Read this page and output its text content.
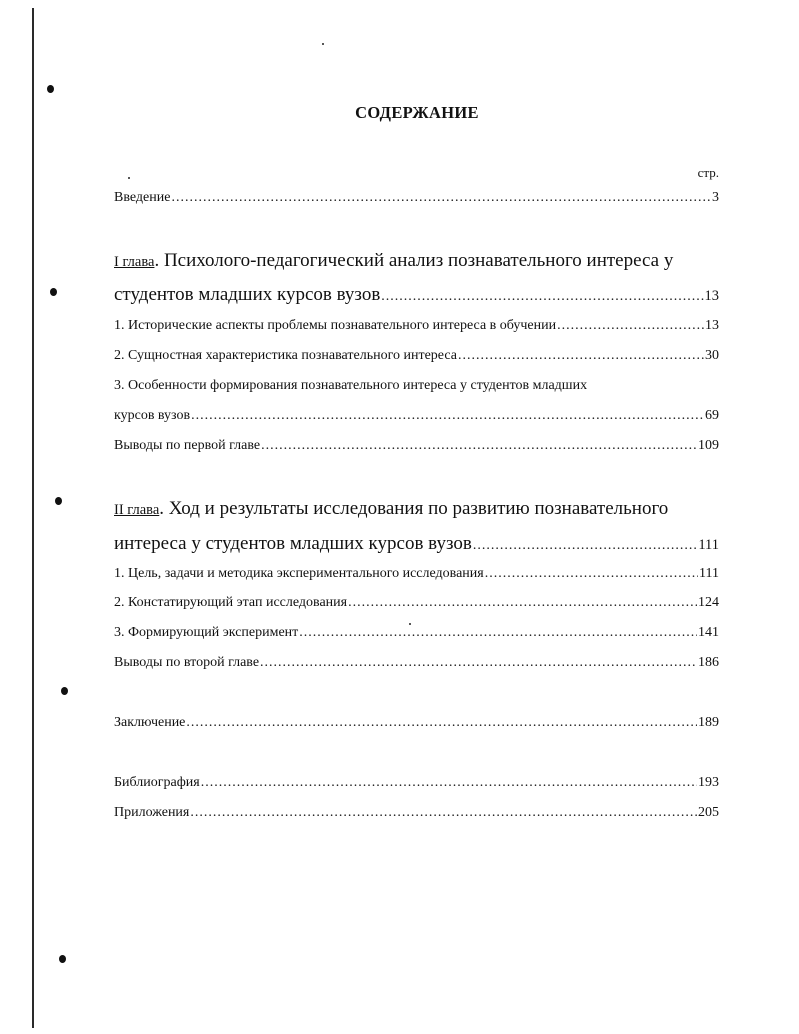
СОДЕРЖАНИЕ
стр.
Введение .....	3
I глава. Психолого-педагогический анализ познавательного интереса у
студентов младших курсов вузов .....	13
1. Исторические аспекты проблемы познавательного интереса в обучении .....	13
2. Сущностная характеристика познавательного интереса .....	30
3. Особенности формирования познавательного интереса у студентов младших
курсов вузов .....	69
Выводы по первой главе .....	109
II глава. Ход и результаты исследования по развитию познавательного
интереса у студентов младших курсов вузов .....	111
1. Цель, задачи и методика экспериментального исследования .....	111
2. Констатирующий этап исследования .....	124
3. Формирующий эксперимент .....	141
Выводы по второй главе .....	186
Заключение .....	189
Библиография .....	193
Приложения .....	205
